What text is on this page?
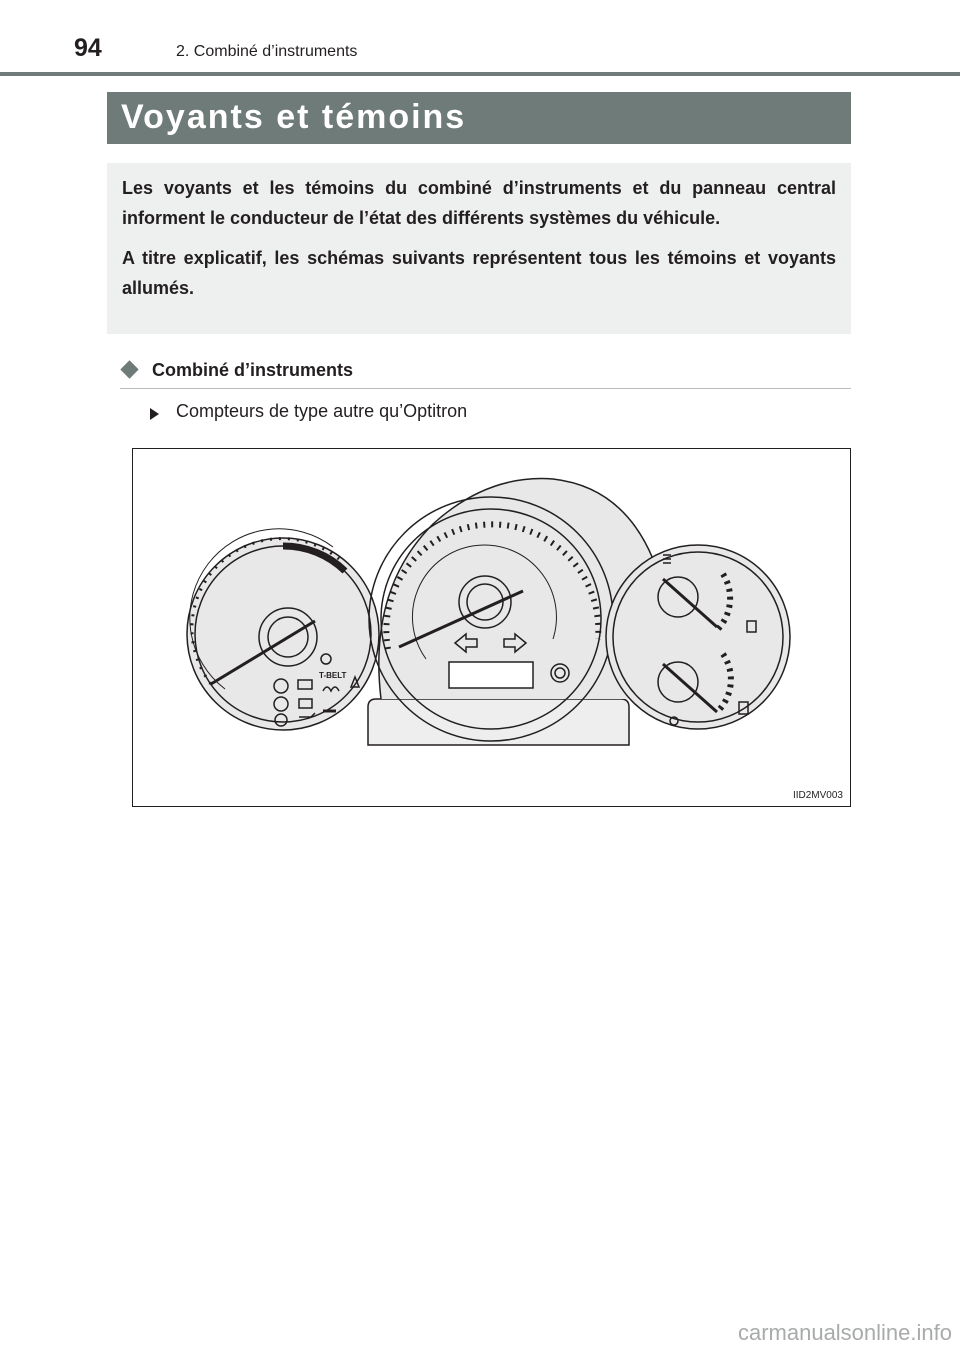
94	2. Combiné d’instruments
Voyants et témoins

Les voyants et les témoins du combiné d’instruments et du panneau central informent le conducteur de l’état des différents systèmes du véhicule.

A titre explicatif, les schémas suivants représentent tous les témoins et voyants allumés.

Combiné d’instruments
Compteurs de type autre qu’Optitron
T-BELT
IID2MV003
carmanualsonline.info
